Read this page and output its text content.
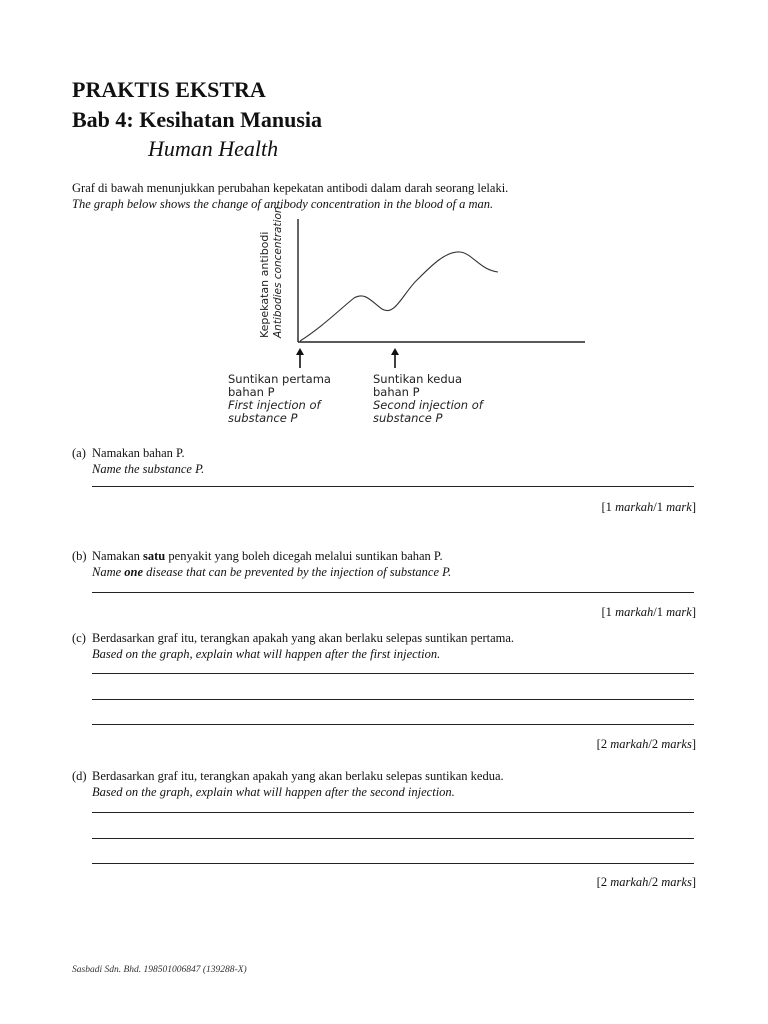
PRAKTIS EKSTRA
Bab 4: Kesihatan Manusia
Human Health
Graf di bawah menunjukkan perubahan kepekatan antibodi dalam darah seorang lelaki.
The graph below shows the change of antibody concentration in the blood of a man.
Kepekatan antibodi Antibodies concentration
Suntikan pertama
bahan P
First injection of
substance P
Suntikan kedua
bahan P
Second injection of
substance P
(a) Namakan bahan P.
Name the substance P.
[1 markah/1 mark]
(b) Namakan satu penyakit yang boleh dicegah melalui suntikan bahan P.
Name one disease that can be prevented by the injection of substance P.
[1 markah/1 mark]
(c) Berdasarkan graf itu, terangkan apakah yang akan berlaku selepas suntikan pertama.
Based on the graph, explain what will happen after the first injection.
[2 markah/2 marks]
(d) Berdasarkan graf itu, terangkan apakah yang akan berlaku selepas suntikan kedua.
Based on the graph, explain what will happen after the second injection.
[2 markah/2 marks]
Sasbadi Sdn. Bhd. 198501006847 (139288-X)
